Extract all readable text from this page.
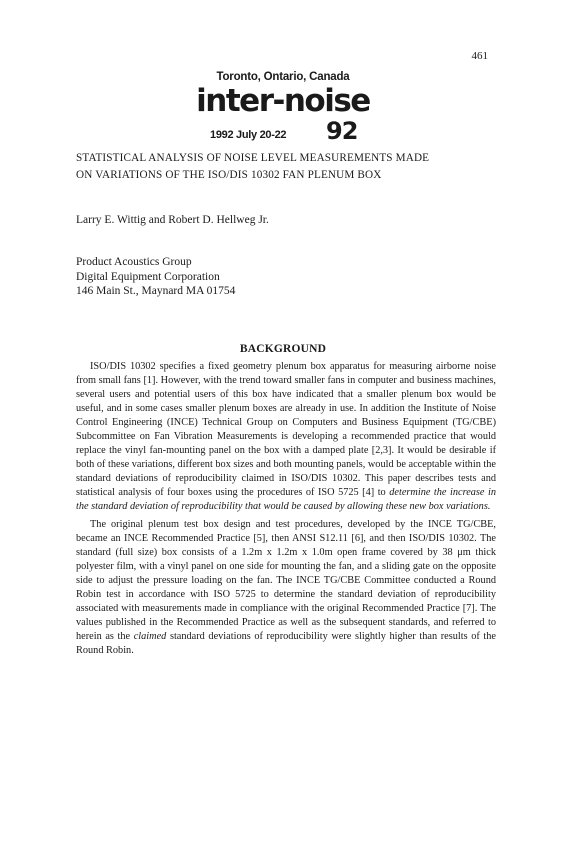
461
Toronto, Ontario, Canada
inter-noise
1992 July 20-22 92
STATISTICAL ANALYSIS OF NOISE LEVEL MEASUREMENTS MADE
ON VARIATIONS OF THE ISO/DIS 10302 FAN PLENUM BOX
Larry E. Wittig and Robert D. Hellweg Jr.
Product Acoustics Group
Digital Equipment Corporation
146 Main St., Maynard MA 01754
BACKGROUND

ISO/DIS 10302 specifies a fixed geometry plenum box apparatus for measuring airborne noise from small fans [1]. However, with the trend toward smaller fans in computer and business machines, several users and potential users of this box have indicated that a smaller plenum box would be useful, and in some cases smaller plenum boxes are already in use. In addition the Institute of Noise Control Engineering (INCE) Technical Group on Computers and Business Equipment (TG/CBE) Subcommittee on Fan Vibration Measurements is developing a recommended practice that would replace the vinyl fan-mounting panel on the box with a damped plate [2,3]. It would be desirable if both of these variations, different box sizes and both mounting panels, would be acceptable within the standard deviations of reproducibility claimed in ISO/DIS 10302. This paper describes tests and statistical analysis of four boxes using the procedures of ISO 5725 [4] to determine the increase in the standard deviation of reproducibility that would be caused by allowing these new box variations.

The original plenum test box design and test procedures, developed by the INCE TG/CBE, became an INCE Recommended Practice [5], then ANSI S12.11 [6], and then ISO/DIS 10302. The standard (full size) box consists of a 1.2m x 1.2m x 1.0m open frame covered by 38 μm thick polyester film, with a vinyl panel on one side for mounting the fan, and a sliding gate on the opposite side to adjust the pressure loading on the fan. The INCE TG/CBE Committee conducted a Round Robin test in accordance with ISO 5725 to determine the standard deviation of reproducibility associated with measurements made in compliance with the original Recommended Practice [7]. The values published in the Recommended Practice as well as the subsequent standards, and referred to herein as the claimed standard deviations of reproducibility were slightly higher than results of the Round Robin.
